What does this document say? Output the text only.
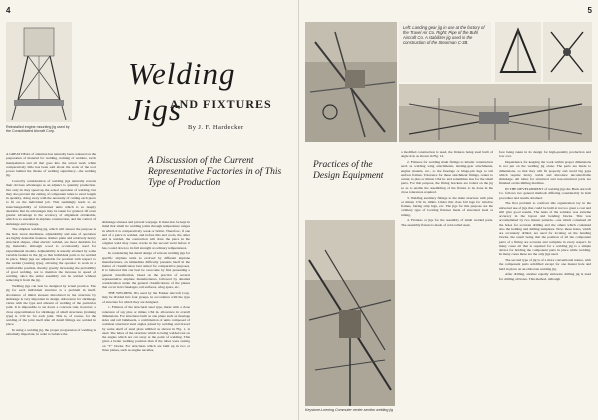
4
Reinstalled engine mounting jig used by the Consolidated Aircraft Corp.
Welding Jigs
AND FIXTURES
By J. F. Hardecker

A GREAT DEAL of attention has naturally been centered on the preparation of material for welding, training of welders, torch manipulation and all that goes into the actual weld, while comparatively little has been said about the work of the tool power behind the throne of welding supremacy—the welding jig.

Correctly consideration of welding jigs naturally reveals their obvious advantages as an adjunct to quantity production. Not only do they speed up the actual operation of welding, but they also prevent the cutting of component tubes to exact length in quantity, doing away with the necessity of cutting each piece to fit on the individual job. This seemingly leads to an interchangeability of fabricated units which is so deeply desirable that its advantages may be taken for granted. Of even greater advantage is the accuracy of alignment obtainable, which is so essential in airplane construction, and the control of shrinkage and warpage.

The simplest welding jig, which will answer the purpose is the best. Great sturdiness, adjustability and ease of operation are highly desirable features. Rather plain and relatively heavy structural shapes, often electric welded, are most desirable for jig materials, although wood is occasionally used for experimental models. Adjustability is usually attained by some variable feature in the jig so that individual parts to be welded in place. Many jigs are adjustable for position with respect to the welder (rotating type), allowing the operator to work in a comfortable position, thereby greatly increasing the probability of good welding, not to mention the increase in speed of welding, since the entire assembly can be welded without removing it from the jig.

Welding jigs can best be designed by actual practice. The jig for each individual structure is a problem in itself. Avoidance of initial stresses introduced in the structure by shrinkage is very important in design. Allowance for shrinkage varies with the type and amount of welding of the particular joint. It is impossible to set down a concrete rule, however, a close approximation for shrinkage of small structures (training type) is 1/32 in. for each joint. This is, of course, for the welding of the joint itself after all detail fittings are welded in place.

In using a welding jig, the proper progression of welding is extremely important, in order to balance the

A Discussion of the Current Representative Factories in of This Type of Production

shrinkage stresses and prevent warpage. It must also be kept in mind that small tie welding joints through temperature ranges in which it is comparatively weak or brittle. Therefore, if one end of a piece is welded, and before this end cools, the other end is welded, the contraction will draw the piece in the original weld may cause cracks in the second weld before it has cooled down to its full strength at ordinary temperatures.

In considering the detail design of various welding jigs for specific airplane units as evolved by different airplane manufacturers, an immediate difficulty presents itself in the matter of classification best suited for comparative purposes. It is believed this can best be overcome by first presenting a general classification, based on the practice of several representative airplane manufacturers, followed by detailed consideration under the general classifications of the planes that occur in its fuselages, tail surfaces, wing spars, etc.

THE WELDING JIG used by the Fokker Aircraft Corp. may be divided into four groups, in accordance with the type of structure for which they are designed.

1. Fixtures of the structural steel type, made with a close tolerance of say plus or minus 1/64 in. allowance in overall dimensions. For structures built as one plane such as fuselage sides and tail bulkheads, a combination of units composed of common structural steel angles joined by welding and braced by some shelf of steel plate nibbled as shown in Fig. 1, is used. The tubes of the structure which is being welded rest on the angles which are cut away at the point of welding. This gives a better welding position than if the tubes were resting on "V" blocks. For structures which are built up in two or three planes, such as engine nacelles,

5
Left: Landing gear jig in use at the factory of the Travel Air Co. Right: Pipe of the Buhl Aircraft Co. A stabilizer jig used in the construction of the Stearman C-3B.
Practices of the Design Equipment
Keystone-Loening Commuter center-section welding jig

a modified construction is used, the fixtures being steel built of angle iron as shown in Fig. 12.

2. Fixtures for welding main fittings to tubular construction such as welding wing attachments, landing-gear attachments, engine mounts, etc., to the fuselage or hinge-pin lugs to tail surface frames. Tolerance for these attachment fittings, center to center, is plus or minus 1/64 in. and sometimes less for the small parts. For this purpose, the fitting brackets are bolted on the jig so as to enable the assembling of the fixture to be done in the close tolerances required.

3. Welding auxiliary fittings to the main structure with plus or minus 1/32 in. limits. Under this class fall lugs for window frames, fairing strip lugs, etc. The jigs for this purpose are the ordinary type of locating fixtures made of structural steel or tubing.

4. Fixtures or jigs for the assembly of small welded parts. The assembly fixture is made of cold-rolled steel,

face being taken in its design for high-quantity production and low cost.

Dependence for keeping the work within proper dimensions is not put on the welding jig alone. The parts are made to dimensions, so that they will fit properly and avoid big gaps which require heavy welds and introduce uncontrollable shrinkage. All tubes for structural and non-structural parts are finished on the milling machine.

IN THE DEVELOPMENT of welding jigs the Buck Aircraft Co. follows two general methods differing considerably in both procedure and results obtained.

The first problem to confront this organization lay in the universal use of jigs that could be built at not too great a cost and still give good results. The basis of the solution was extreme accuracy in the layout and bending blocks. This was accomplished by two master patterns—one which contained all the holes for accurate drilling and the others which contained also the holding and drilling templates. Now, these holes, which are accurately drilled, are used for locating on the bending blocks, the result being that the position of all the component parts of a fitting are accurate and complete in every respect. In many cases all that is required for a welding jig is a simple device for holding the component parts in place while welding. In many cases these are the only jigs used.

The second type of jig is of a more conventional nature, with the component parts solidified except for one master hole and held in place on an elaborate welding jig.

After drilling, another equally elaborate drilling jig is used for drilling all holes. This method, although
